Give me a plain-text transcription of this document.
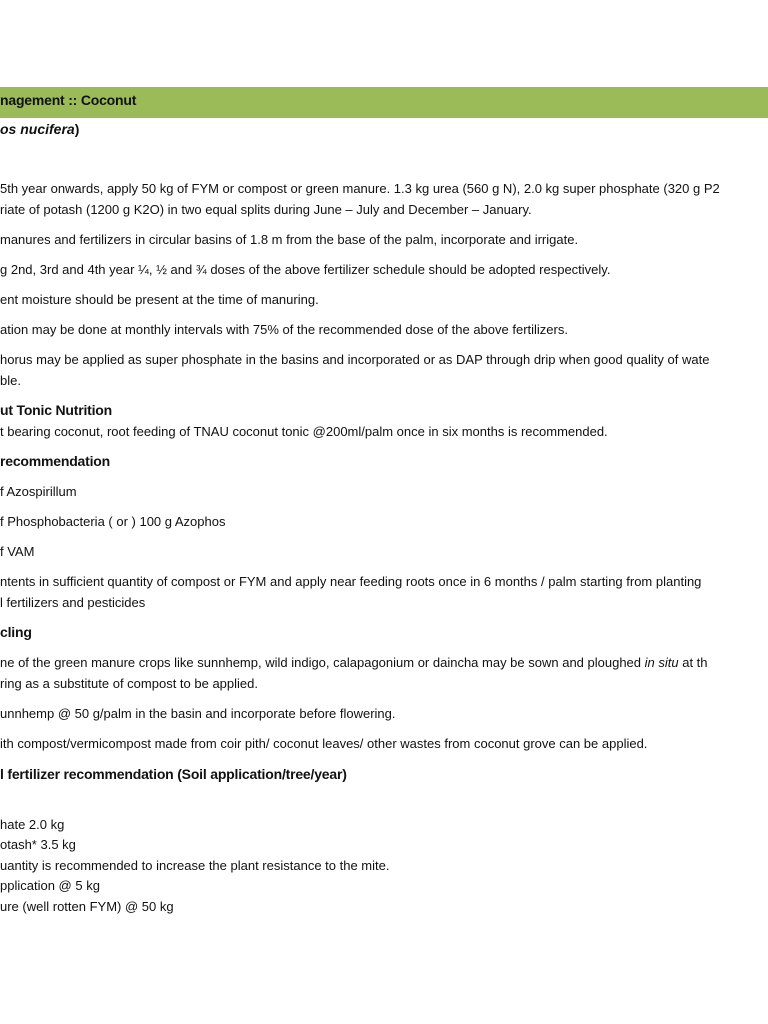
nagement :: Coconut
os nucifera)
5th year onwards, apply 50 kg of FYM or compost or green manure. 1.3 kg urea (560 g N), 2.0 kg super phosphate (320 g P2
riate of potash (1200 g K2O) in two equal splits during June – July and December – January.
manures and fertilizers in circular basins of 1.8 m from the base of the palm, incorporate and irrigate.
g 2nd, 3rd and 4th year ¼, ½ and ¾ doses of the above fertilizer schedule should be adopted respectively.
ent moisture should be present at the time of manuring.
ation may be done at monthly intervals with 75% of the recommended dose of the above fertilizers.
horus may be applied as super phosphate in the basins and incorporated or as DAP through drip when good quality of wate
ble.
ut Tonic Nutrition
t bearing coconut, root feeding of TNAU coconut tonic @200ml/palm once in six months is recommended.
recommendation
f Azospirillum
f Phosphobacteria ( or ) 100 g Azophos
f VAM
ntents in sufficient quantity of compost or FYM and apply near feeding roots once in 6 months / palm starting from planting
l fertilizers and pesticides
cling
ne of the green manure crops like sunnhemp, wild indigo, calapagonium or daincha may be sown and ploughed in situ at th
ring as a substitute of compost to be applied.
unnhemp @ 50 g/palm in the basin and incorporate before flowering.
ith compost/vermicompost made from coir pith/ coconut leaves/ other wastes from coconut grove can be applied.
l fertilizer recommendation (Soil application/tree/year)
hate 2.0 kg
otash* 3.5 kg
uantity is recommended to increase the plant resistance to the mite.
pplication @ 5 kg
ure (well rotten FYM) @ 50 kg
